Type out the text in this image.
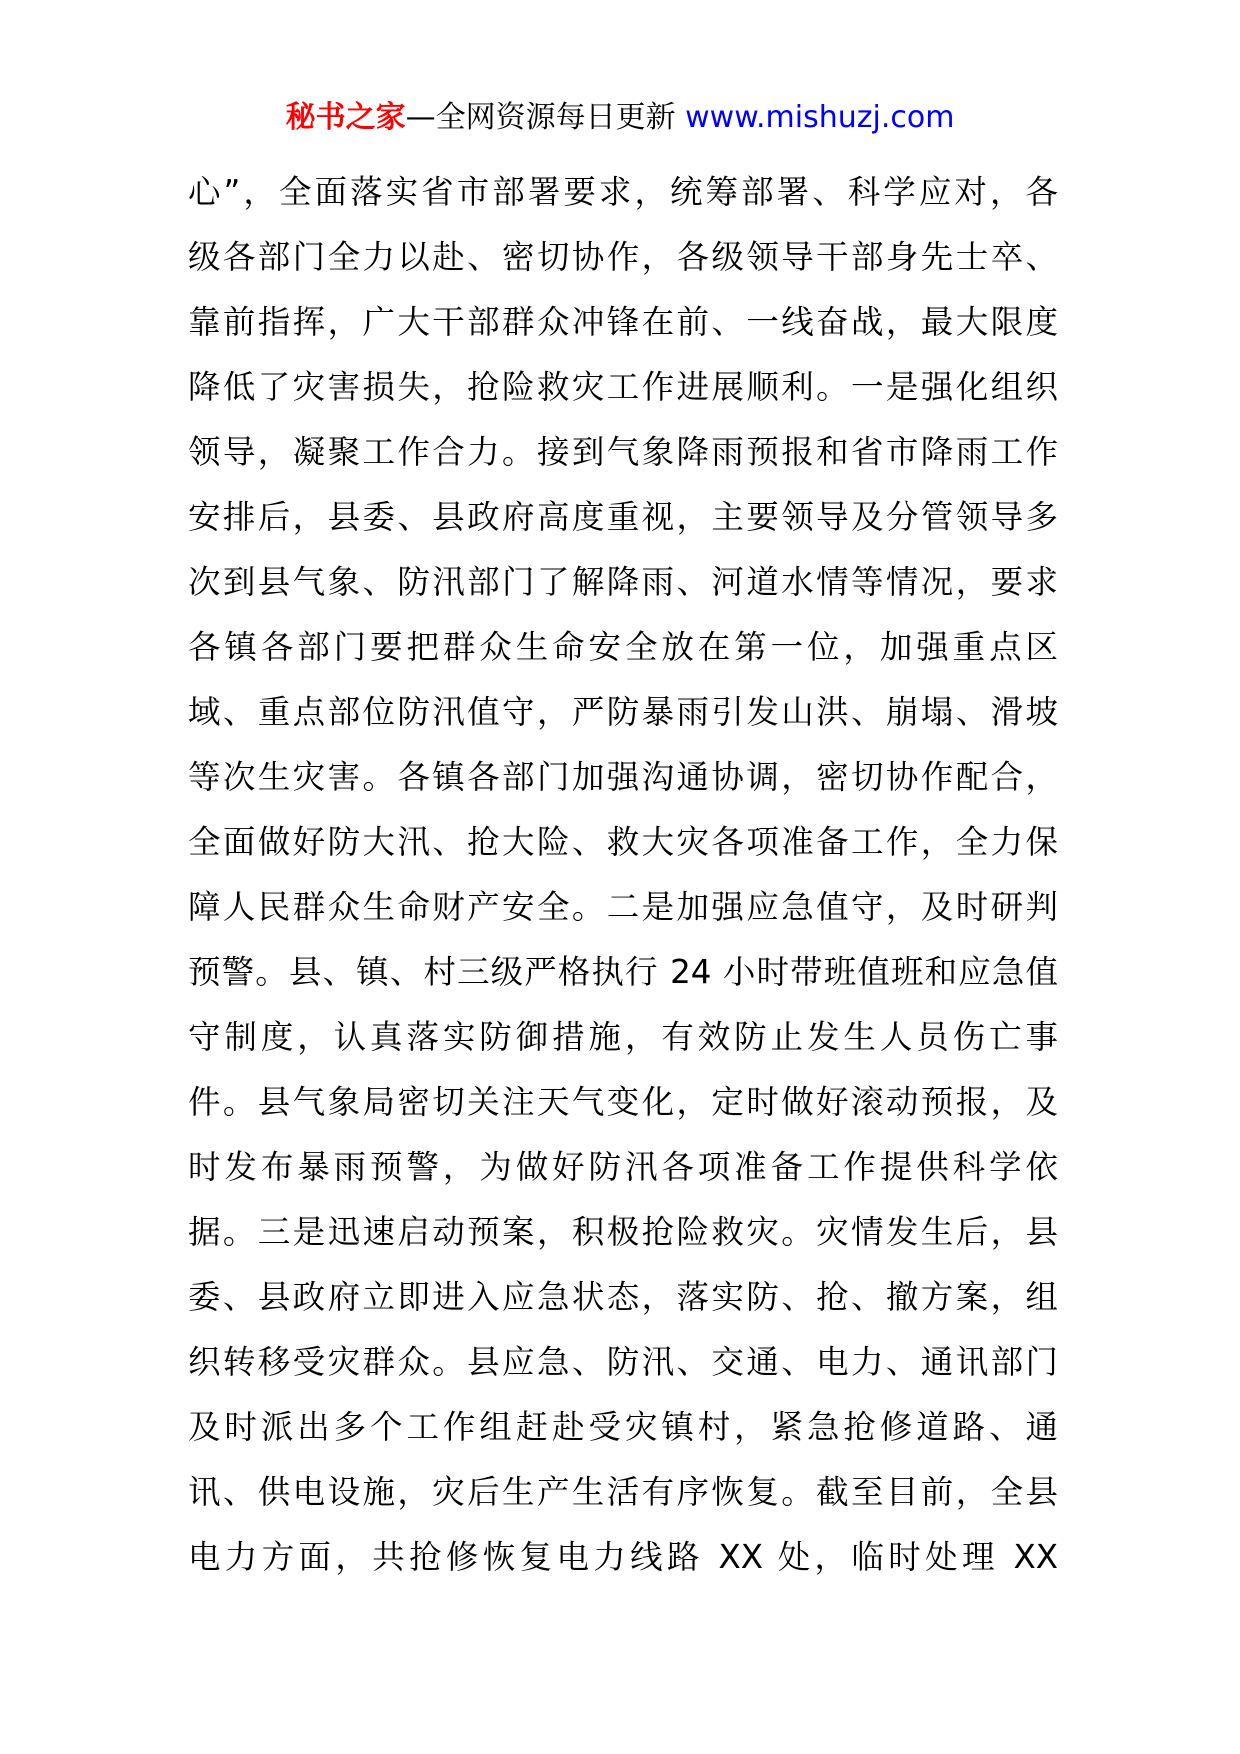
秘书之家—全网资源每日更新 www.mishuzj.com
心”，全面落实省市部署要求，统筹部署、科学应对，各
级各部门全力以赴、密切协作，各级领导干部身先士卒、
靠前指挥，广大干部群众冲锋在前、一线奋战，最大限度
降低了灾害损失，抢险救灾工作进展顺利。一是强化组织
领导，凝聚工作合力。接到气象降雨预报和省市降雨工作
安排后，县委、县政府高度重视，主要领导及分管领导多
次到县气象、防汛部门了解降雨、河道水情等情况，要求
各镇各部门要把群众生命安全放在第一位，加强重点区
域、重点部位防汛值守，严防暴雨引发山洪、崩塌、滑坡
等次生灾害。各镇各部门加强沟通协调，密切协作配合，
全面做好防大汛、抢大险、救大灾各项准备工作，全力保
障人民群众生命财产安全。二是加强应急值守，及时研判
预警。县、镇、村三级严格执行 24 小时带班值班和应急值
守制度，认真落实防御措施，有效防止发生人员伤亡事
件。县气象局密切关注天气变化，定时做好滚动预报，及
时发布暴雨预警，为做好防汛各项准备工作提供科学依
据。三是迅速启动预案，积极抢险救灾。灾情发生后，县
委、县政府立即进入应急状态，落实防、抢、撤方案，组
织转移受灾群众。县应急、防汛、交通、电力、通讯部门
及时派出多个工作组赶赴受灾镇村，紧急抢修道路、通
讯、供电设施，灾后生产生活有序恢复。截至目前，全县
电力方面，共抢修恢复电力线路 XX 处，临时处理 XX
